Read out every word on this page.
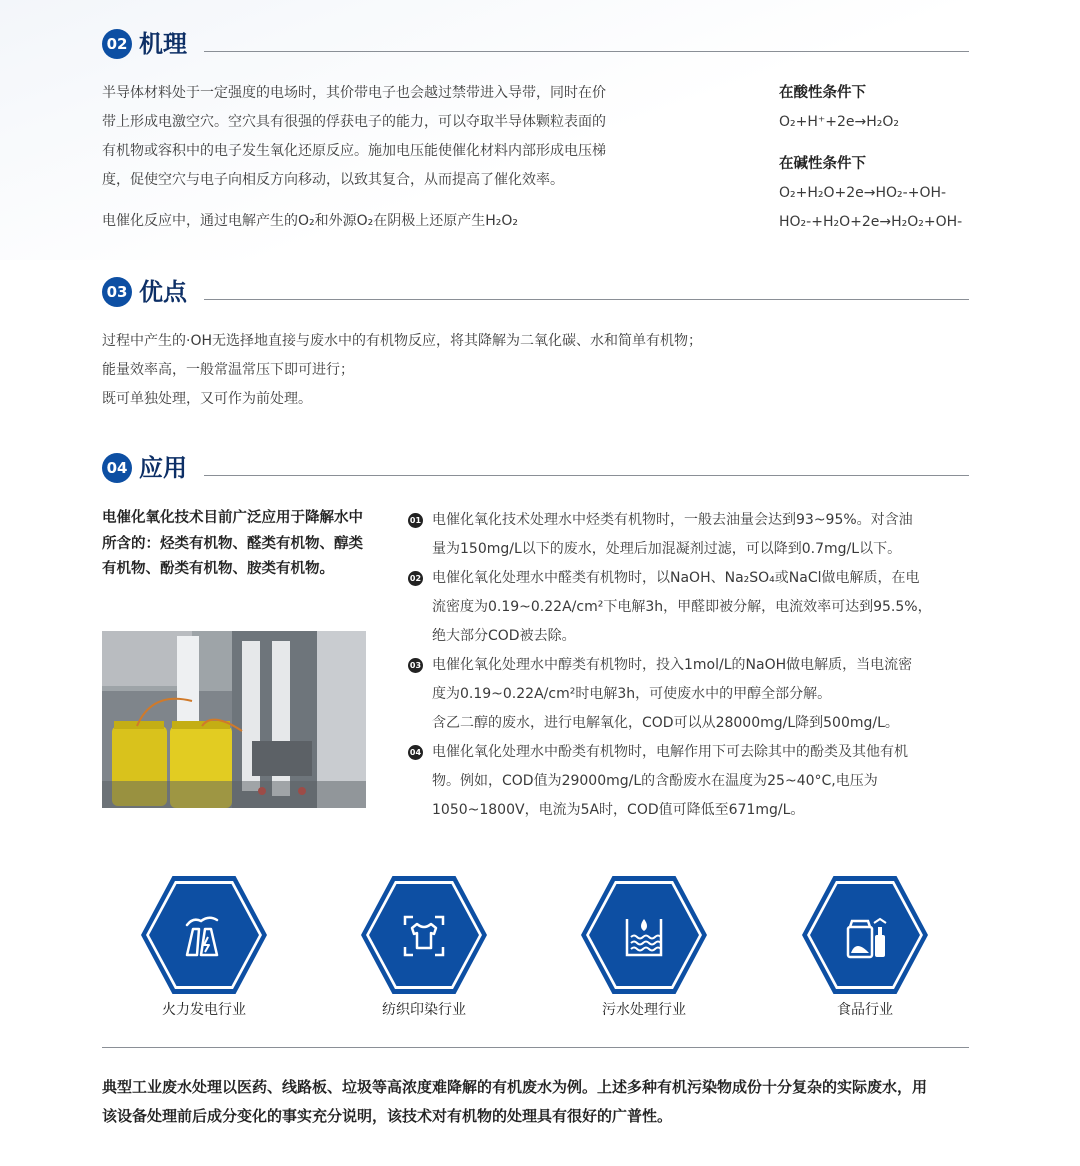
02 机理

半导体材料处于一定强度的电场时，其价带电子也会越过禁带进入导带，同时在价

带上形成电激空穴。空穴具有很强的俘获电子的能力，可以夺取半导体颗粒表面的

有机物或容积中的电子发生氧化还原反应。施加电压能使催化材料内部形成电压梯

度，促使空穴与电子向相反方向移动，以致其复合，从而提高了催化效率。

电催化反应中，通过电解产生的O₂和外源O₂在阴极上还原产生H₂O₂

在酸性条件下

O₂+H⁺+2e→H₂O₂

在碱性条件下

O₂+H₂O+2e→HO₂-+OH-

HO₂-+H₂O+2e→H₂O₂+OH-

03 优点

过程中产生的·OH无选择地直接与废水中的有机物反应，将其降解为二氧化碳、水和简单有机物；

能量效率高，一般常温常压下即可进行；

既可单独处理，又可作为前处理。

04 应用
电催化氧化技术目前广泛应用于降解水中所含的：烃类有机物、醛类有机物、醇类有机物、酚类有机物、胺类有机物。
01 电催化氧化技术处理水中烃类有机物时，一般去油量会达到93~95%。对含油
量为150mg/L以下的废水，处理后加混凝剂过滤，可以降到0.7mg/L以下。
02 电催化氧化处理水中醛类有机物时，以NaOH、Na₂SO₄或NaCl做电解质，在电
流密度为0.19~0.22A/cm²下电解3h，甲醛即被分解，电流效率可达到95.5%，
绝大部分COD被去除。
03 电催化氧化处理水中醇类有机物时，投入1mol/L的NaOH做电解质，当电流密
度为0.19~0.22A/cm²时电解3h，可使废水中的甲醇全部分解。
含乙二醇的废水，进行电解氧化，COD可以从28000mg/L降到500mg/L。
04 电催化氧化处理水中酚类有机物时，电解作用下可去除其中的酚类及其他有机
物。例如，COD值为29000mg/L的含酚废水在温度为25~40°C,电压为
1050~1800V，电流为5A时，COD值可降低至671mg/L。
火力发电行业	纺织印染行业	污水处理行业	食品行业
典型工业废水处理以医药、线路板、垃圾等高浓度难降解的有机废水为例。上述多种有机污染物成份十分复杂的实际废水，用
该设备处理前后成分变化的事实充分说明，该技术对有机物的处理具有很好的广普性。
